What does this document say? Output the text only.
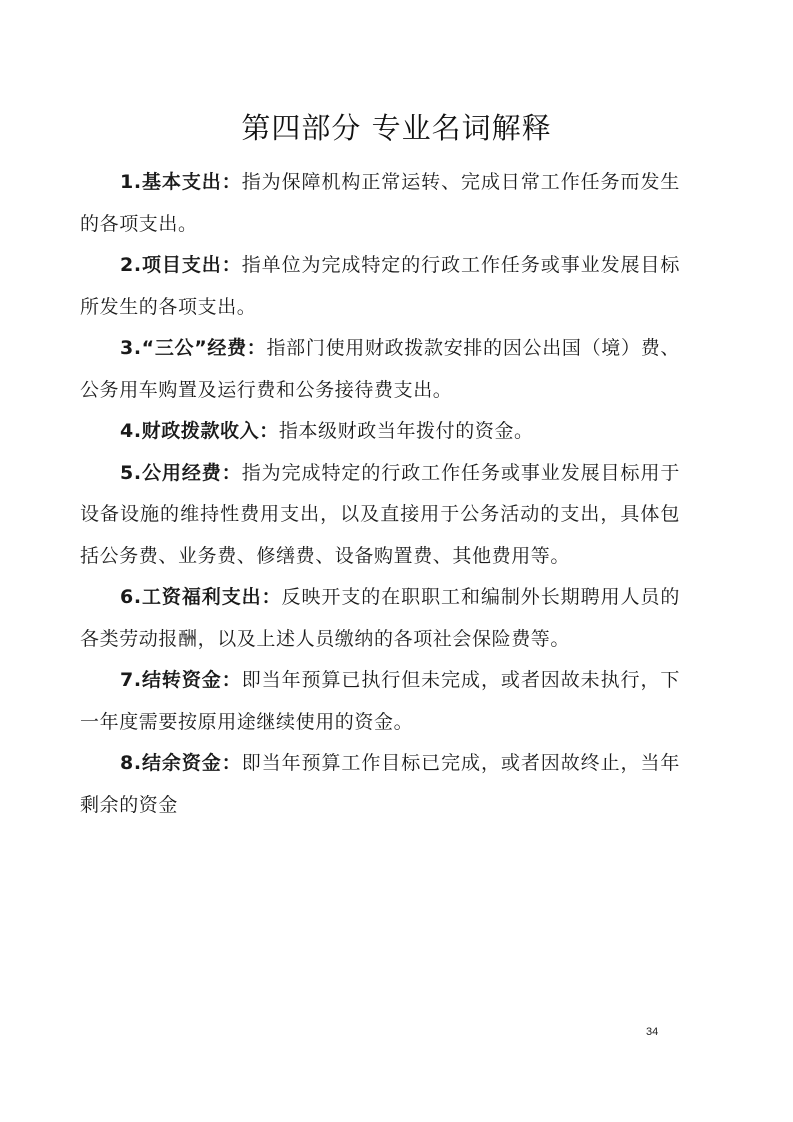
第四部分 专业名词解释

1.基本支出：指为保障机构正常运转、完成日常工作任务而发生的各项支出。

2.项目支出：指单位为完成特定的行政工作任务或事业发展目标所发生的各项支出。

3.“三公”经费：指部门使用财政拨款安排的因公出国（境）费、公务用车购置及运行费和公务接待费支出。

4.财政拨款收入：指本级财政当年拨付的资金。

5.公用经费：指为完成特定的行政工作任务或事业发展目标用于设备设施的维持性费用支出，以及直接用于公务活动的支出，具体包括公务费、业务费、修缮费、设备购置费、其他费用等。

6.工资福利支出：反映开支的在职职工和编制外长期聘用人员的各类劳动报酬，以及上述人员缴纳的各项社会保险费等。

7.结转资金：即当年预算已执行但未完成，或者因故未执行，下一年度需要按原用途继续使用的资金。

8.结余资金：即当年预算工作目标已完成，或者因故终止，当年剩余的资金

34
